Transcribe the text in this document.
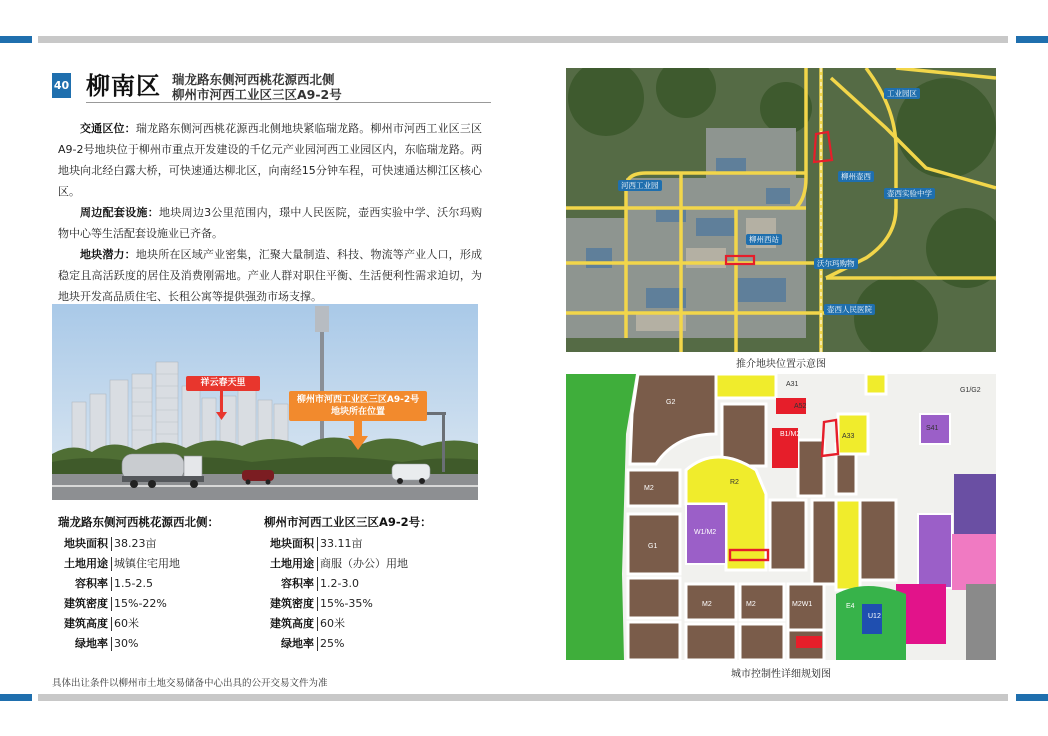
40 柳南区 瑞龙路东侧河西桃花源西北侧
柳州市河西工业区三区A9-2号

交通区位：瑞龙路东侧河西桃花源西北侧地块紧临瑞龙路。柳州市河西工业区三区A9-2号地块位于柳州市重点开发建设的千亿元产业园河西工业园区内，东临瑞龙路。两地块向北经白露大桥，可快速通达柳北区，向南经15分钟车程，可快速通达柳江区核心区。

周边配套设施：地块周边3公里范围内，璟中人民医院，壶西实验中学、沃尔玛购物中心等生活配套设施业已齐备。

地块潜力：地块所在区域产业密集，汇聚大量制造、科技、物流等产业人口，形成稳定且高活跃度的居住及消费刚需地。产业人群对职住平衡、生活便利性需求迫切，为地块开发高品质住宅、长租公寓等提供强劲市场支撑。

祥云春天里
柳州市河西工业区三区A9-2号
地块所在位置
瑞龙路东侧河西桃花源西北侧：
地块面积 38.23亩
土地用途 城镇住宅用地
容积率 1.5-2.5
建筑密度 15%-22%
建筑高度 60米
绿地率 30%
柳州市河西工业区三区A9-2号：
地块面积 33.11亩
土地用途 商服（办公）用地
容积率 1.2-3.0
建筑密度 15%-35%
建筑高度 60米
绿地率 25%
具体出让条件以柳州市土地交易储备中心出具的公开交易文件为准
河西工业园
柳州壶西
壶西实验中学
柳州西站
沃尔玛购物
壶西人民医院
工业园区
推介地块位置示意图
G2
M2
G1
B1/M2
W1/M2
M2	M2	M2W1
U12
E4
A31
A52
A33
R2
S41
G1/G2
城市控制性详细规划图
